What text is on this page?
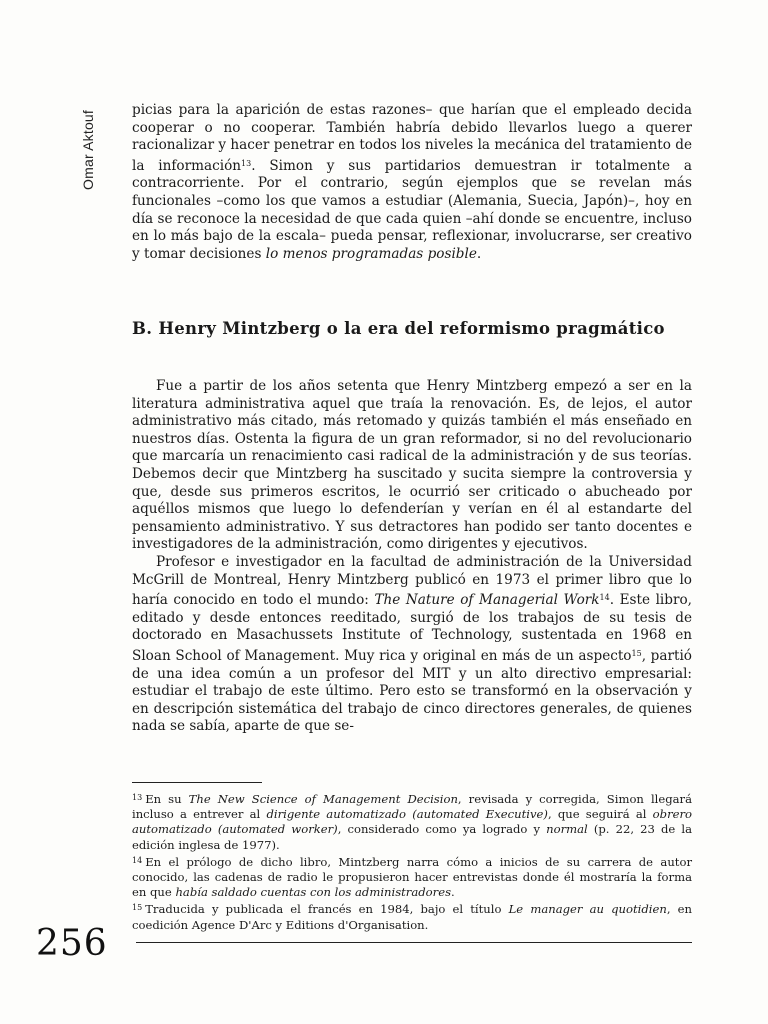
Omar Aktouf	picias para la aparición de estas razones– que harían que el empleado decida cooperar o no cooperar. También habría debido llevarlos luego a querer racionalizar y hacer penetrar en todos los niveles la mecánica del tratamiento de la información$^{13}$. Simon y sus partidarios demuestran ir totalmente a contracorriente. Por el contrario, según ejemplos que se revelan más funcionales –como los que vamos a estudiar (Alemania, Suecia, Japón)–, hoy en día se reconoce la necesidad de que cada quien –ahí donde se encuentre, incluso en lo más bajo de la escala– pueda pensar, reflexionar, involucrarse, ser creativo y tomar decisiones lo menos programadas posible.

B. Henry Mintzberg o la era del reformismo pragmático

Fue a partir de los años setenta que Henry Mintzberg empezó a ser en la literatura administrativa aquel que traía la renovación. Es, de lejos, el autor administrativo más citado, más retomado y quizás también el más enseñado en nuestros días. Ostenta la figura de un gran reformador, si no del revolucionario que marcaría un renacimiento casi radical de la administración y de sus teorías. Debemos decir que Mintzberg ha suscitado y sucita siempre la controversia y que, desde sus primeros escritos, le ocurrió ser criticado o abucheado por aquéllos mismos que luego lo defenderían y verían en él al estandarte del pensamiento administrativo. Y sus detractores han podido ser tanto docentes e investigadores de la administración, como dirigentes y ejecutivos.

Profesor e investigador en la facultad de administración de la Universidad McGrill de Montreal, Henry Mintzberg publicó en 1973 el primer libro que lo haría conocido en todo el mundo: The Nature of Managerial Work$^{14}$. Este libro, editado y desde entonces reeditado, surgió de los trabajos de su tesis de doctorado en Masachussets Institute of Technology, sustentada en 1968 en Sloan School of Management. Muy rica y original en más de un aspecto$^{15}$, partió de una idea común a un profesor del MIT y un alto directivo empresarial: estudiar el trabajo de este último. Pero esto se transformó en la observación y en descripción sistemática del trabajo de cinco directores generales, de quienes nada se sabía, aparte de que se-

$^{13}$ En su The New Science of Management Decision, revisada y corregida, Simon llegará incluso a entrever al dirigente automatizado (automated Executive), que seguirá al obrero automatizado (automated worker), considerado como ya logrado y normal (p. 22, 23 de la edición inglesa de 1977).

$^{14}$ En el prólogo de dicho libro, Mintzberg narra cómo a inicios de su carrera de autor conocido, las cadenas de radio le propusieron hacer entrevistas donde él mostraría la forma en que había saldado cuentas con los administradores.

$^{15}$ Traducida y publicada el francés en 1984, bajo el título Le manager au quotidien, en coedición Agence D'Arc y Editions d'Organisation.

256
